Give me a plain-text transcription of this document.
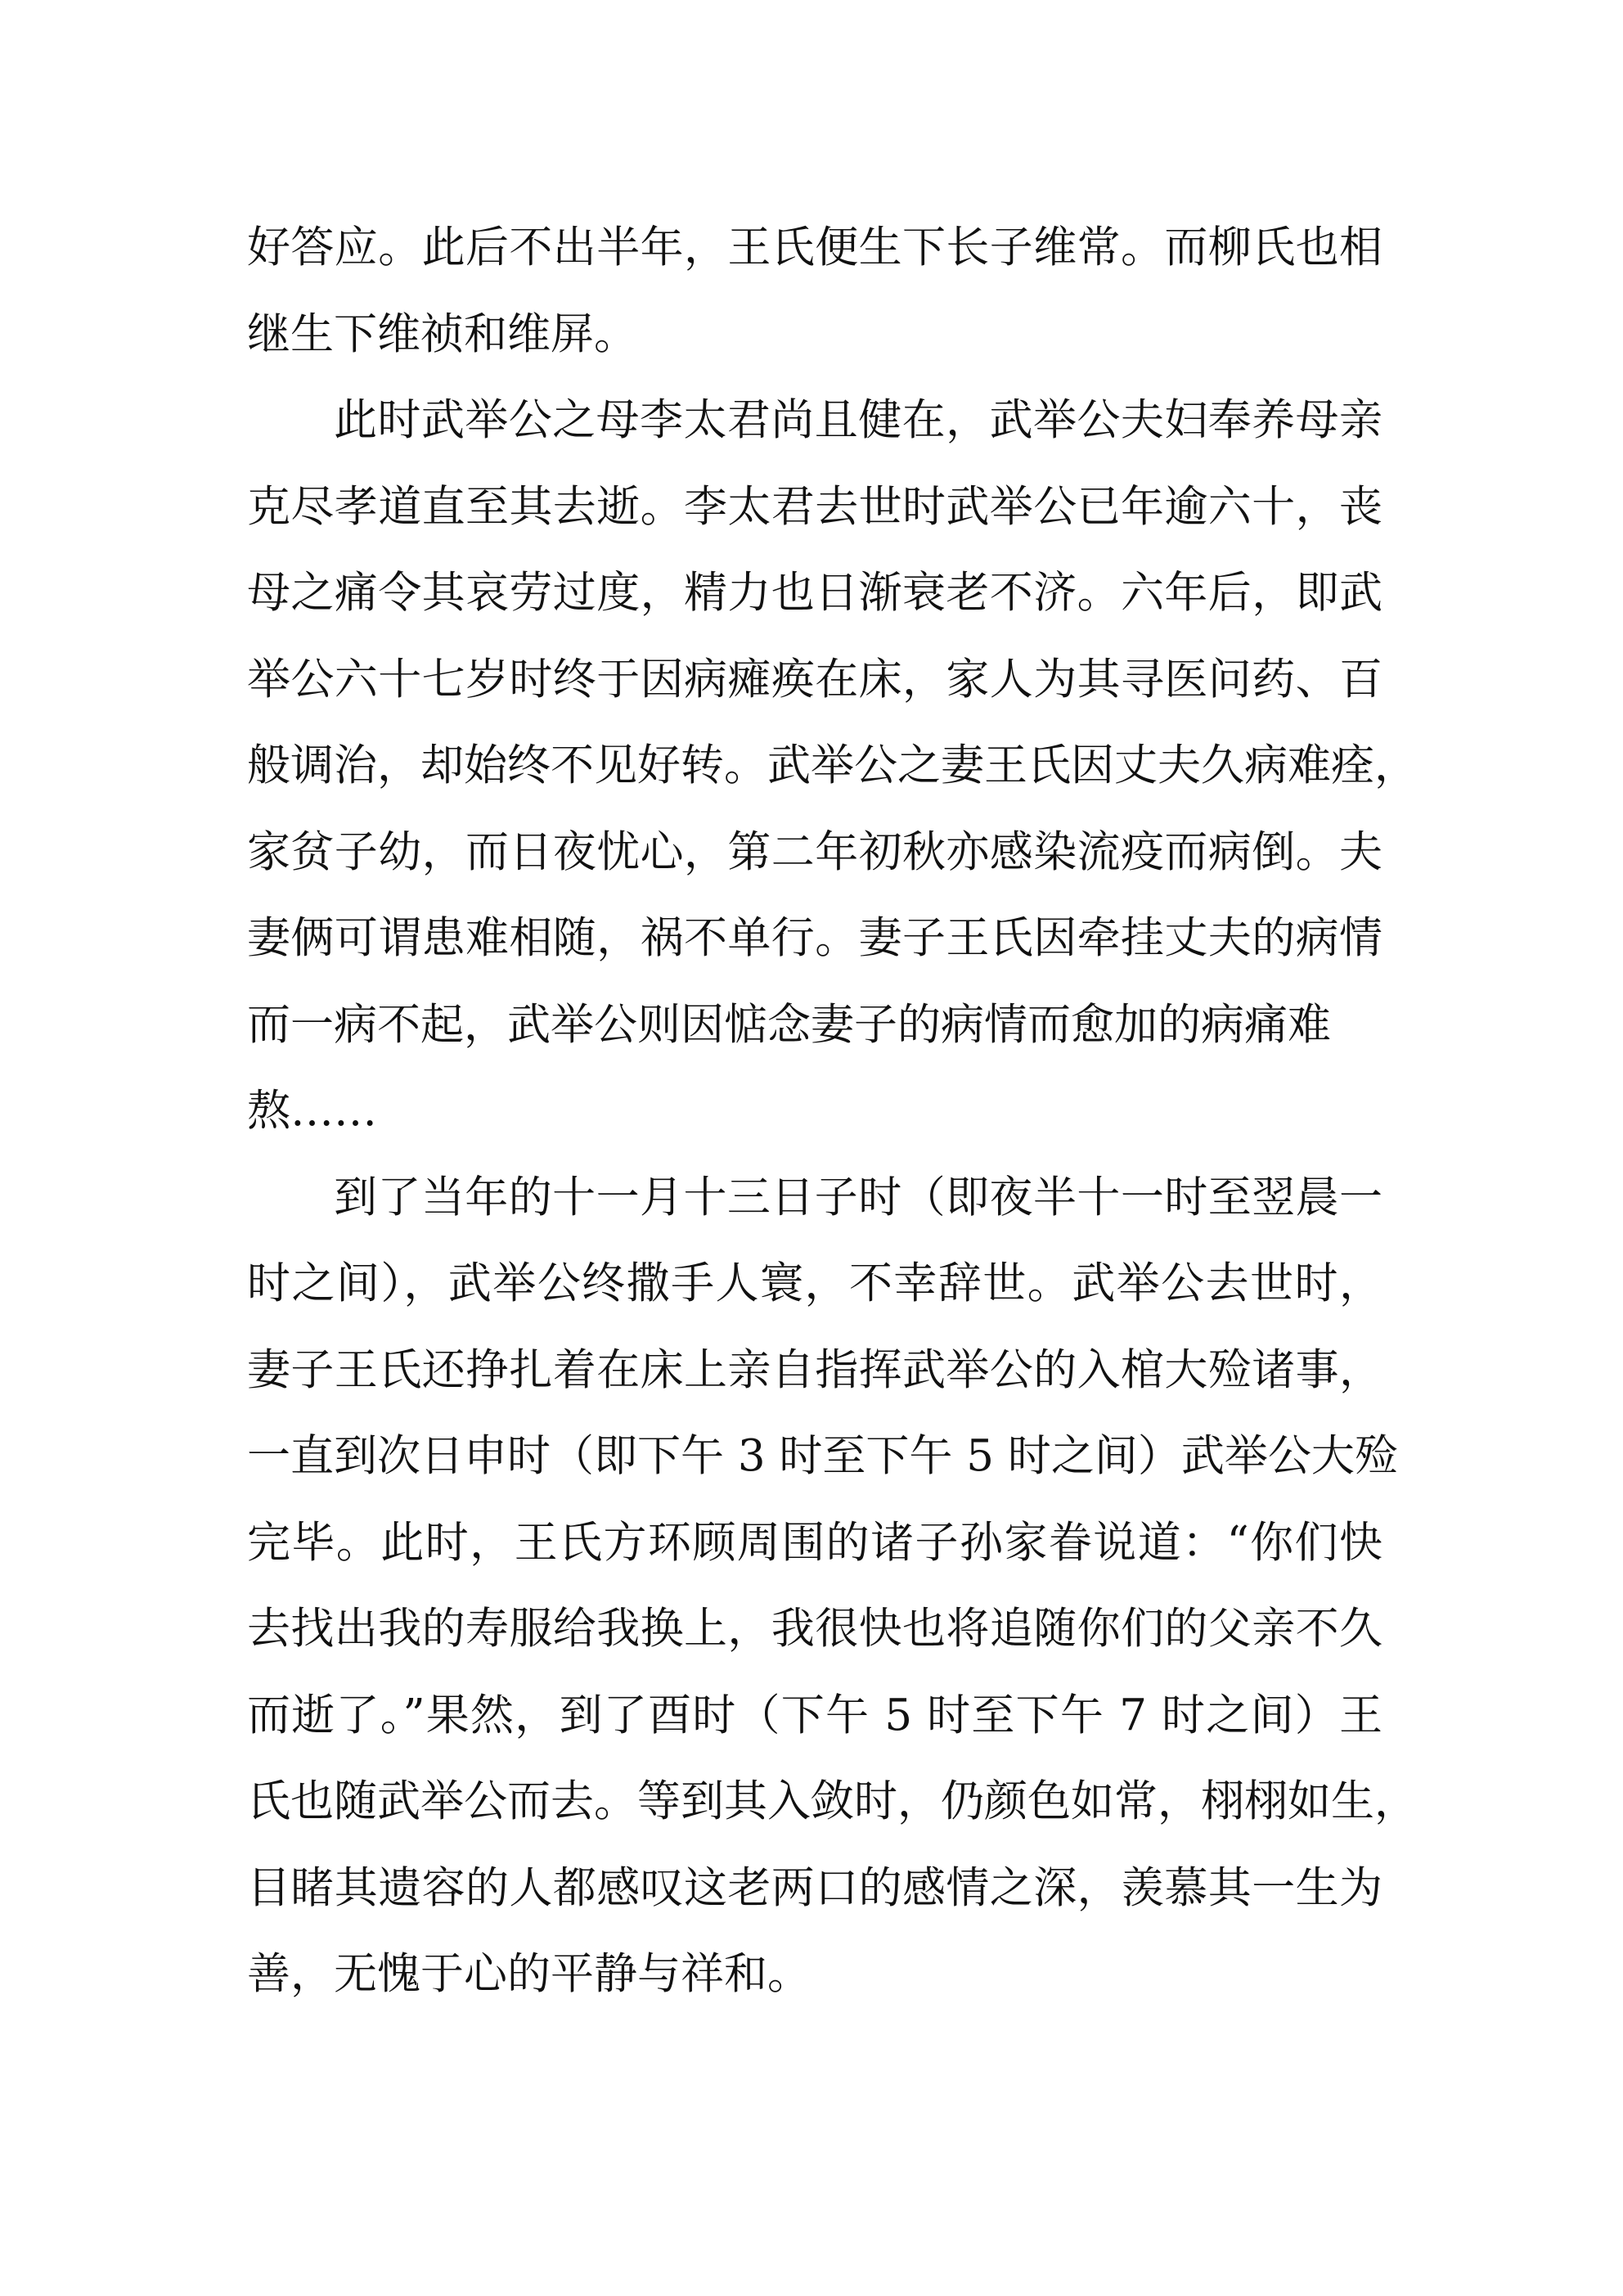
好答应。此后不出半年，王氏便生下长子维常。而柳氏也相
继生下维祯和维屏。

此时武举公之母李太君尚且健在，武举公夫妇奉养母亲
克尽孝道直至其去逝。李太君去世时武举公已年逾六十，丧
母之痛令其哀劳过度，精力也日渐衰老不济。六年后，即武
举公六十七岁时终于因病瘫痪在床，家人为其寻医问药、百
般调治，却始终不见好转。武举公之妻王氏因丈夫久病难痊，
家贫子幼，而日夜忧心，第二年初秋亦感染流疫而病倒。夫
妻俩可谓患难相随，祸不单行。妻子王氏因牵挂丈夫的病情
而一病不起，武举公则因惦念妻子的病情而愈加的病痛难
熬……

到了当年的十一月十三日子时（即夜半十一时至翌晨一
时之间），武举公终撒手人寰，不幸辞世。武举公去世时，
妻子王氏还挣扎着在床上亲自指挥武举公的入棺大殓诸事，
一直到次日申时（即下午 3 时至下午 5 时之间）武举公大殓
完毕。此时，王氏方环顾周围的诸子孙家眷说道：“你们快
去找出我的寿服给我换上，我很快也将追随你们的父亲不久
而逝了。”果然，到了酉时（下午 5 时至下午 7 时之间）王
氏也随武举公而去。等到其入敛时，仍颜色如常，栩栩如生，
目睹其遗容的人都感叹这老两口的感情之深，羡慕其一生为
善，无愧于心的平静与祥和。
